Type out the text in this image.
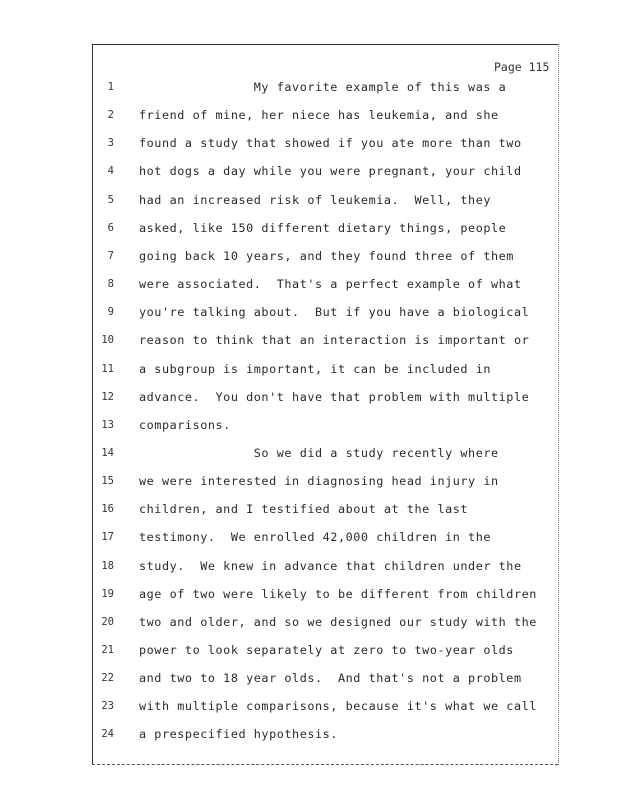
Page 115
1 My favorite example of this was a
2 friend of mine, her niece has leukemia, and she
3 found a study that showed if you ate more than two
4 hot dogs a day while you were pregnant, your child
5 had an increased risk of leukemia.  Well, they
6 asked, like 150 different dietary things, people
7 going back 10 years, and they found three of them
8 were associated.  That's a perfect example of what
9 you're talking about.  But if you have a biological
10 reason to think that an interaction is important or
11 a subgroup is important, it can be included in
12 advance.  You don't have that problem with multiple
13 comparisons.
14 So we did a study recently where
15 we were interested in diagnosing head injury in
16 children, and I testified about at the last
17 testimony.  We enrolled 42,000 children in the
18 study.  We knew in advance that children under the
19 age of two were likely to be different from children
20 two and older, and so we designed our study with the
21 power to look separately at zero to two-year olds
22 and two to 18 year olds.  And that's not a problem
23 with multiple comparisons, because it's what we call
24 a prespecified hypothesis.
